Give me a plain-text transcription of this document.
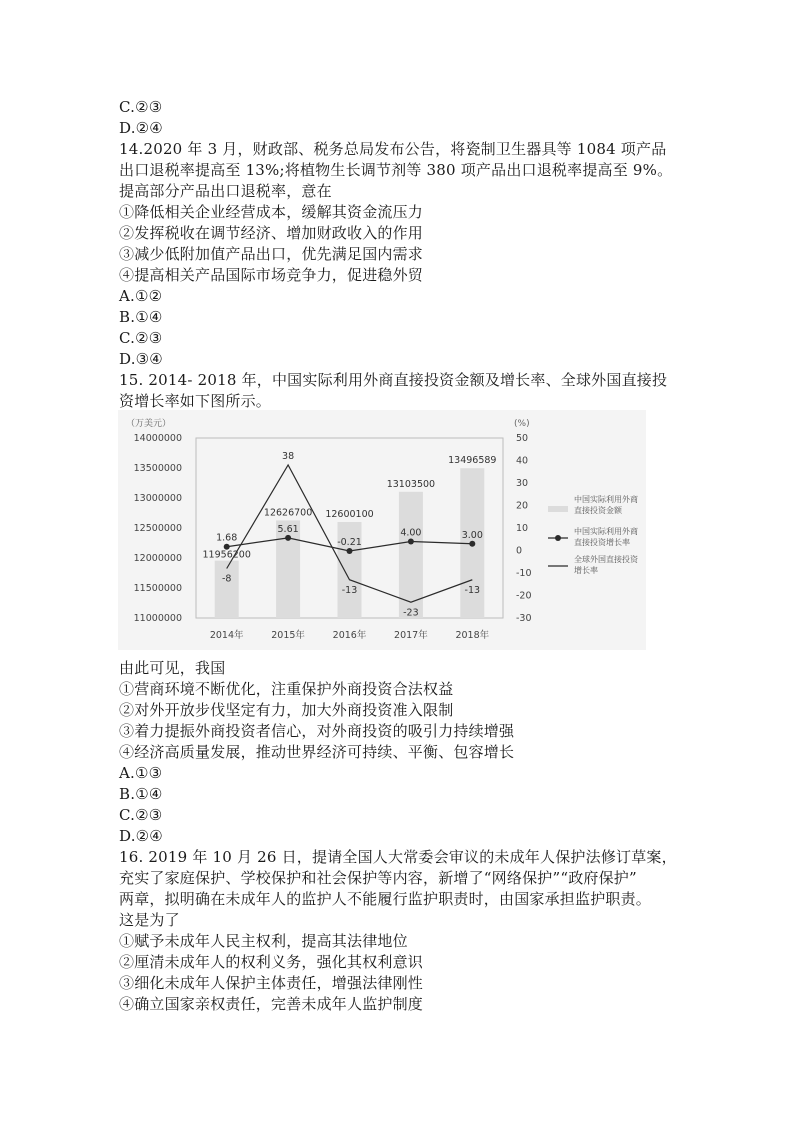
C.②③
D.②④
14.2020 年 3 月，财政部、税务总局发布公告，将瓷制卫生器具等 1084 项产品
出口退税率提高至 13%;将植物生长调节剂等 380 项产品出口退税率提高至 9%。
提高部分产品出口退税率，意在
①降低相关企业经营成本，缓解其资金流压力
②发挥税收在调节经济、增加财政收入的作用
③减少低附加值产品出口，优先满足国内需求
④提高相关产品国际市场竞争力，促进稳外贸
A.①②
B.①④
C.②③
D.③④
15. 2014- 2018 年，中国实际利用外商直接投资金额及增长率、全球外国直接投
资增长率如下图所示。
（万美元）	(%)
11000000
11500000
12000000
12500000
13000000
13500000
14000000
-30
-20
-10
0
10
20
30
40
50
2014年	2015年	2016年	2017年	2018年
11956200
12626700 12600100
13103500
13496589
1.68
5.61
-0.21
4.00	3.00
-8
38
-13
-23
-13
中国实际利用外商
直接投资金额
中国实际利用外商
直接投资增长率
全球外国直接投资
增长率
由此可见，我国
①营商环境不断优化，注重保护外商投资合法权益
②对外开放步伐坚定有力，加大外商投资准入限制
③着力提振外商投资者信心，对外商投资的吸引力持续增强
④经济高质量发展，推动世界经济可持续、平衡、包容增长
A.①③
B.①④
C.②③
D.②④
16. 2019 年 10 月 26 日，提请全国人大常委会审议的未成年人保护法修订草案，
充实了家庭保护、学校保护和社会保护等内容，新增了“网络保护”“政府保护”
两章，拟明确在未成年人的监护人不能履行监护职责时，由国家承担监护职责。
这是为了
①赋予未成年人民主权利，提高其法律地位
②厘清未成年人的权利义务，强化其权利意识
③细化未成年人保护主体责任，增强法律刚性
④确立国家亲权责任，完善未成年人监护制度
